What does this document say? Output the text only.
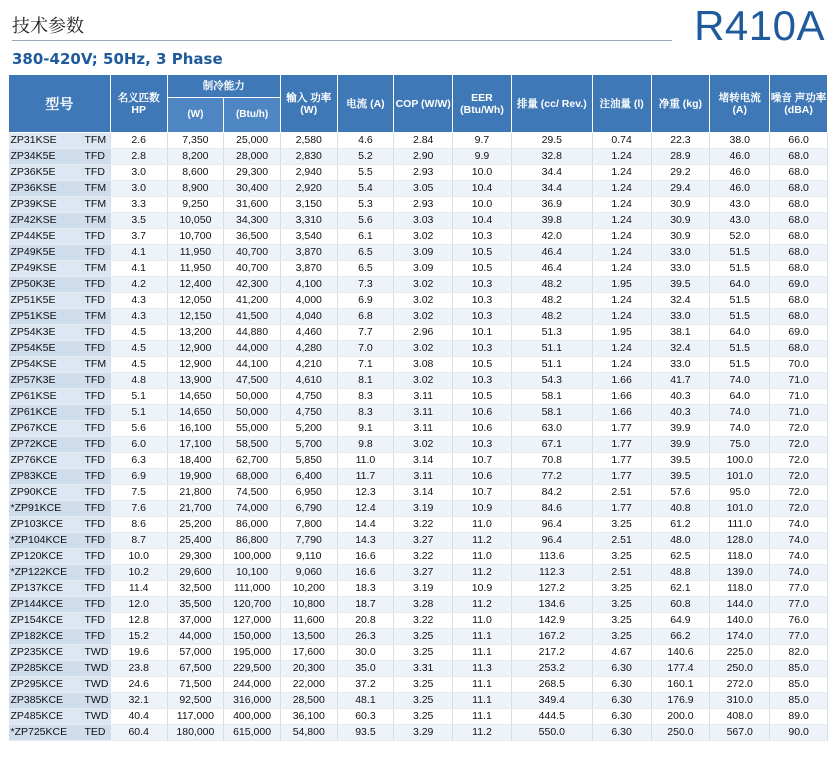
技术参数	R410A
380-420V; 50Hz, 3 Phase
型号		名义匹数 HP	制冷能力		输入 功率 (W)	电流 (A)	COP (W/W)	EER (Btu/Wh)	排量 (cc/ Rev.)	注油量 (l)	净重 (kg)	堵转电流 (A)	噪音 声功率 (dBA)
			(W)	(Btu/h)									
ZP31KSE	TFM	2.6	7,350	25,000	2,580	4.6	2.84	9.7	29.5	0.74	22.3	38.0	66.0
ZP34K5E	TFD	2.8	8,200	28,000	2,830	5.2	2.90	9.9	32.8	1.24	28.9	46.0	68.0
ZP36K5E	TFD	3.0	8,600	29,300	2,940	5.5	2.93	10.0	34.4	1.24	29.2	46.0	68.0
ZP36KSE	TFM	3.0	8,900	30,400	2,920	5.4	3.05	10.4	34.4	1.24	29.4	46.0	68.0
ZP39KSE	TFM	3.3	9,250	31,600	3,150	5.3	2.93	10.0	36.9	1.24	30.9	43.0	68.0
ZP42KSE	TFM	3.5	10,050	34,300	3,310	5.6	3.03	10.4	39.8	1.24	30.9	43.0	68.0
ZP44K5E	TFD	3.7	10,700	36,500	3,540	6.1	3.02	10.3	42.0	1.24	30.9	52.0	68.0
ZP49K5E	TFD	4.1	11,950	40,700	3,870	6.5	3.09	10.5	46.4	1.24	33.0	51.5	68.0
ZP49KSE	TFM	4.1	11,950	40,700	3,870	6.5	3.09	10.5	46.4	1.24	33.0	51.5	68.0
ZP50K3E	TFD	4.2	12,400	42,300	4,100	7.3	3.02	10.3	48.2	1.95	39.5	64.0	69.0
ZP51K5E	TFD	4.3	12,050	41,200	4,000	6.9	3.02	10.3	48.2	1.24	32.4	51.5	68.0
ZP51KSE	TFM	4.3	12,150	41,500	4,040	6.8	3.02	10.3	48.2	1.24	33.0	51.5	68.0
ZP54K3E	TFD	4.5	13,200	44,880	4,460	7.7	2.96	10.1	51.3	1.95	38.1	64.0	69.0
ZP54K5E	TFD	4.5	12,900	44,000	4,280	7.0	3.02	10.3	51.1	1.24	32.4	51.5	68.0
ZP54KSE	TFM	4.5	12,900	44,100	4,210	7.1	3.08	10.5	51.1	1.24	33.0	51.5	70.0
ZP57K3E	TFD	4.8	13,900	47,500	4,610	8.1	3.02	10.3	54.3	1.66	41.7	74.0	71.0
ZP61KSE	TFD	5.1	14,650	50,000	4,750	8.3	3.11	10.5	58.1	1.66	40.3	64.0	71.0
ZP61KCE	TFD	5.1	14,650	50,000	4,750	8.3	3.11	10.6	58.1	1.66	40.3	74.0	71.0
ZP67KCE	TFD	5.6	16,100	55,000	5,200	9.1	3.11	10.6	63.0	1.77	39.9	74.0	72.0
ZP72KCE	TFD	6.0	17,100	58,500	5,700	9.8	3.02	10.3	67.1	1.77	39.9	75.0	72.0
ZP76KCE	TFD	6.3	18,400	62,700	5,850	11.0	3.14	10.7	70.8	1.77	39.5	100.0	72.0
ZP83KCE	TFD	6.9	19,900	68,000	6,400	11.7	3.11	10.6	77.2	1.77	39.5	101.0	72.0
ZP90KCE	TFD	7.5	21,800	74,500	6,950	12.3	3.14	10.7	84.2	2.51	57.6	95.0	72.0
*ZP91KCE	TFD	7.6	21,700	74,000	6,790	12.4	3.19	10.9	84.6	1.77	40.8	101.0	72.0
ZP103KCE	TFD	8.6	25,200	86,000	7,800	14.4	3.22	11.0	96.4	3.25	61.2	111.0	74.0
*ZP104KCE	TFD	8.7	25,400	86,800	7,790	14.3	3.27	11.2	96.4	2.51	48.0	128.0	74.0
ZP120KCE	TFD	10.0	29,300	100,000	9,110	16.6	3.22	11.0	113.6	3.25	62.5	118.0	74.0
*ZP122KCE	TFD	10.2	29,600	10,100	9,060	16.6	3.27	11.2	112.3	2.51	48.8	139.0	74.0
ZP137KCE	TFD	11.4	32,500	111,000	10,200	18.3	3.19	10.9	127.2	3.25	62.1	118.0	77.0
ZP144KCE	TFD	12.0	35,500	120,700	10,800	18.7	3.28	11.2	134.6	3.25	60.8	144.0	77.0
ZP154KCE	TFD	12.8	37,000	127,000	11,600	20.8	3.22	11.0	142.9	3.25	64.9	140.0	76.0
ZP182KCE	TFD	15.2	44,000	150,000	13,500	26.3	3.25	11.1	167.2	3.25	66.2	174.0	77.0
ZP235KCE	TWD	19.6	57,000	195,000	17,600	30.0	3.25	11.1	217.2	4.67	140.6	225.0	82.0
ZP285KCE	TWD	23.8	67,500	229,500	20,300	35.0	3.31	11.3	253.2	6.30	177.4	250.0	85.0
ZP295KCE	TWD	24.6	71,500	244,000	22,000	37.2	3.25	11.1	268.5	6.30	160.1	272.0	85.0
ZP385KCE	TWD	32.1	92,500	316,000	28,500	48.1	3.25	11.1	349.4	6.30	176.9	310.0	85.0
ZP485KCE	TWD	40.4	117,000	400,000	36,100	60.3	3.25	11.1	444.5	6.30	200.0	408.0	89.0
*ZP725KCE	TED	60.4	180,000	615,000	54,800	93.5	3.29	11.2	550.0	6.30	250.0	567.0	90.0
